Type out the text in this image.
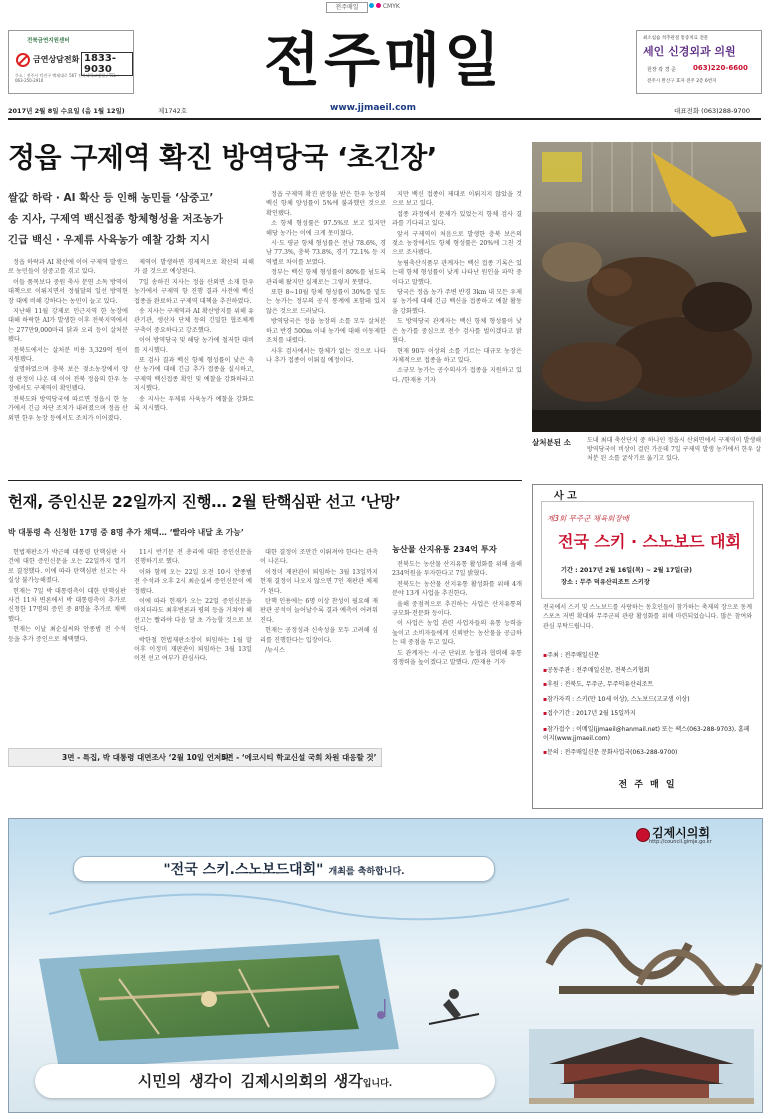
전주매일	CMYK
전북금연지원센터
금연상담전화 1833-9030
주소 : 전주시 덕진구 백제대로 567 전북대학교병원 / TEL : 063-250-2910	전주매일	최소침습 척추관절 통증치료 전문
세인 신경외과 의원
원장 곽 경 준 063)220-6600
전주시 완산구 효자 전주 2층 6번지
2017년 2월 8일 수요일 (음 1월 12일)	제1742호	www.jjmaeil.com	대표전화 (063)288-9700
정읍 구제역 확진 방역당국 ‘초긴장’
쌀값 하락 · AI 확산 등 인해 농민들 ‘삼중고’
송 지사, 구제역 백신접종 항체형성율 저조농가
긴급 백신 · 우제류 사육농가 예찰 강화 지시

정읍 하락과 AI 확산에 이어 구제역 발생으로 농민들이 삼중고를 겪고 있다.

이들 품목보다 중원 축사 문연 소독 방역이 대책으로 이뤄지면서 정월달의 일선 방역현장 대에 비해 강하다는 농민이 늘고 있다.

지난해 11월 강제로 인근지역 한 농장에 대해 하락한 AI가 발생한 이후 전북지역에서는 277만9,000마리 닭과 오리 등이 살처분됐다.

전북도에서는 살처분 비용 3,329억 원이 지원됐다.

설명하였으며 충북 보은 젖소농장에서 양성 판정이 나온 데 이어 전북 정읍의 한우 농장에서도 구제역이 확인됐다.

전북도와 방역당국에 따르면 정읍시 한 농가에서 긴급 차단 조치가 내려졌으며 정읍 산외면 한우 농장 등에서도 조치가 이어졌다.

제역이 발생하면 경제적으로 확산의 피해가 클 것으로 예상된다.

7일 송하진 지사는 정읍 산외면 소재 한우농가에서 구제역 항 진행 결과 사전에 백신 접종을 완료하고 구제역 대책을 추진하였다.

송 지사는 구제역과 AI 확산방지를 위해 유관기관, 생산자 단체 등의 긴밀한 협조체계 구축이 중요하다고 강조했다.

이어 방역당국 및 해당 농가에 철저한 대비를 지시했다.

또 검사 결과 백신 항체 형성률이 낮은 축산 농가에 대해 긴급 추가 접종을 실시하고, 구제역 백신접종 확인 및 예찰을 강화하라고 지시했다.

송 지사는 우제류 사육농가 예찰을 강화토록 지시했다.

정읍 구제역 확진 판정을 받은 한우 농장의 백신 항체 양성률이 5%에 불과했던 것으로 확인됐다.

소 항체 형성률은 97.5%로 보고 있지만 해당 농가는 이에 크게 못미쳤다.

시·도 평균 항체 형성률은 전남 78.6%, 경남 77.3%, 충북 73.8%, 경기 72.1% 등 지역별로 차이를 보였다.

정부는 백신 항체 형성률이 80%를 넘도록 관리해 왔지만 실제로는 그렇지 못했다.

또한 8~10월 항체 형성률이 30%를 밑도는 농가는 정부의 공식 통계에 포함돼 있지 않은 것으로 드러났다.

방역당국은 정읍 농장의 소를 모두 살처분하고 반경 500m 이내 농가에 대해 이동제한 조치를 내렸다.

사후 검사에서는 항체가 없는 것으로 나타나 추가 접종이 이뤄질 예정이다.

지만 백신 접종이 제대로 이뤄지지 않았을 것으로 보고 있다.

접종 과정에서 문제가 있었는지 항체 검사 결과를 기다리고 있다.

앞서 구제역이 처음으로 발생한 충북 보은의 젖소 농장에서도 항체 형성률은 20%에 그친 것으로 조사됐다.

농림축산식품부 관계자는 백신 접종 기록은 있는데 항체 형성률이 낮게 나타난 원인을 파악 중이다고 말했다.

당국은 정읍 농가 주변 반경 3km 내 모든 우제류 농가에 대해 긴급 백신을 접종하고 예찰 활동을 강화했다.

도 방역당국 관계자는 백신 항체 형성률이 낮은 농가를 중심으로 전수 검사를 벌이겠다고 밝혔다.

현재 90두 이상의 소를 기르는 대규모 농장은 자체적으로 접종을 하고 있다.

소규모 농가는 공수의사가 접종을 지원하고 있다. /한재용 기자

살처분된 소	도내 최대 축산단지 중 하나인 정읍시 산외면에서 구제역이 발생해 방역당국이 비상이 걸린 가운데 7일 구제역 발생 농가에서 한우 살처분 된 소를 굴삭기로 옮기고 있다.
헌재, 증인신문 22일까지 진행… 2월 탄핵심판 선고 ‘난망’
박 대통령 측 신청한 17명 중 8명 추가 채택… ‘빨라야 내달 초 가능’

헌법재판소가 박근혜 대통령 탄핵심판 사건에 대한 증인신문을 오는 22일까지 열기로 결정했다. 이에 따라 탄핵심판 선고는 사실상 불가능해졌다.

헌재는 7일 박 대통령측이 대한 탄핵심판 사건 11차 변론에서 박 대통령측이 추가로 신청한 17명의 증인 중 8명을 추가로 채택했다.

헌재는 이날 최순실씨와 안종범 전 수석 등을 추가 증인으로 채택했다.

11시 반기문 전 총리에 대한 증인신문을 진행하기로 했다.

이와 함께 오는 22일 오전 10시 안종범 전 수석과 오후 2시 최순실씨 증인신문이 예정됐다.

이에 따라 헌재가 오는 22일 증인신문을 마치더라도 최후변론과 평의 등을 거쳐야 해 선고는 빨라야 다음 달 초 가능할 것으로 보인다.

박한철 헌법재판소장이 퇴임하는 1월 말 이후 이정미 재판관이 퇴임하는 3월 13일 이전 선고 여부가 관심사다.

대한 결정이 조만간 이뤄져야 한다는 관측이 나온다.

이정미 재판관이 퇴임하는 3월 13일까지 헌재 결정이 나오지 않으면 7인 재판관 체제가 된다.

탄핵 인용에는 6명 이상 찬성이 필요해 재판관 공석이 늘어날수록 결과 예측이 어려워진다.

헌재는 공정성과 신속성을 모두 고려해 심리를 진행한다는 입장이다.

/뉴시스

농산물 산지유통 234억 투자

전북도는 농산물 산지유통 활성화를 위해 올해 234억원을 투자한다고 7일 밝혔다.

전북도는 농산물 산지유통 활성화를 위해 4개 분야 13개 사업을 추진한다.

올해 중점적으로 추진하는 사업은 산지유통의 규모화·전문화 등이다.

이 사업은 농업 관련 사업자들의 유통 능력을 높이고 소비자들에게 신뢰받는 농산물을 공급하는 데 중점을 두고 있다.

도 관계자는 시·군 단위로 농협과 협력해 유통 경쟁력을 높이겠다고 말했다. /한재용 기자

3면 - 특집, 박 대통령 대면조사 ‘2월 10일 언저리’
5면 - ‘에코시티 학교신설 국회 차원 대응할 것’
사 고
제3회 무주군 체육회장배
전국 스키 · 스노보드 대회
기간 : 2017년 2월 16일(목) ~ 2월 17일(금)
장소 : 무주 덕유산리조트 스키장
전국에서 스키 및 스노보드를 사랑하는 동호인들이 참가하는 축제의 장으로 동계스포츠 저변 확대와 무주군의 관광 활성화를 위해 마련되었습니다. 많은 참여와 관심 부탁드립니다.
▪주최 : 전주매일신문
▪공동주관 : 전주매일신문, 전북스키협회
▪후원 : 전북도, 무주군, 무주덕유산리조트
▪참가자격 : 스키(만 10세 이상), 스노보드(고교생 이상)
▪접수기간 : 2017년 2월 15일까지
▪참가접수 : 이메일(jjmaeil@hanmail.net) 또는 팩스(063-288-9703), 홈페이지(www.jjmaeil.com)
▪문의 : 전주매일신문 문화사업국(063-288-9700)
전 주 매 일
김제시의회
http://council.gimje.go.kr
"전국 스키.스노보드대회" 개최를 축하합니다.
시민의 생각이 김제시의회의 생각입니다.
